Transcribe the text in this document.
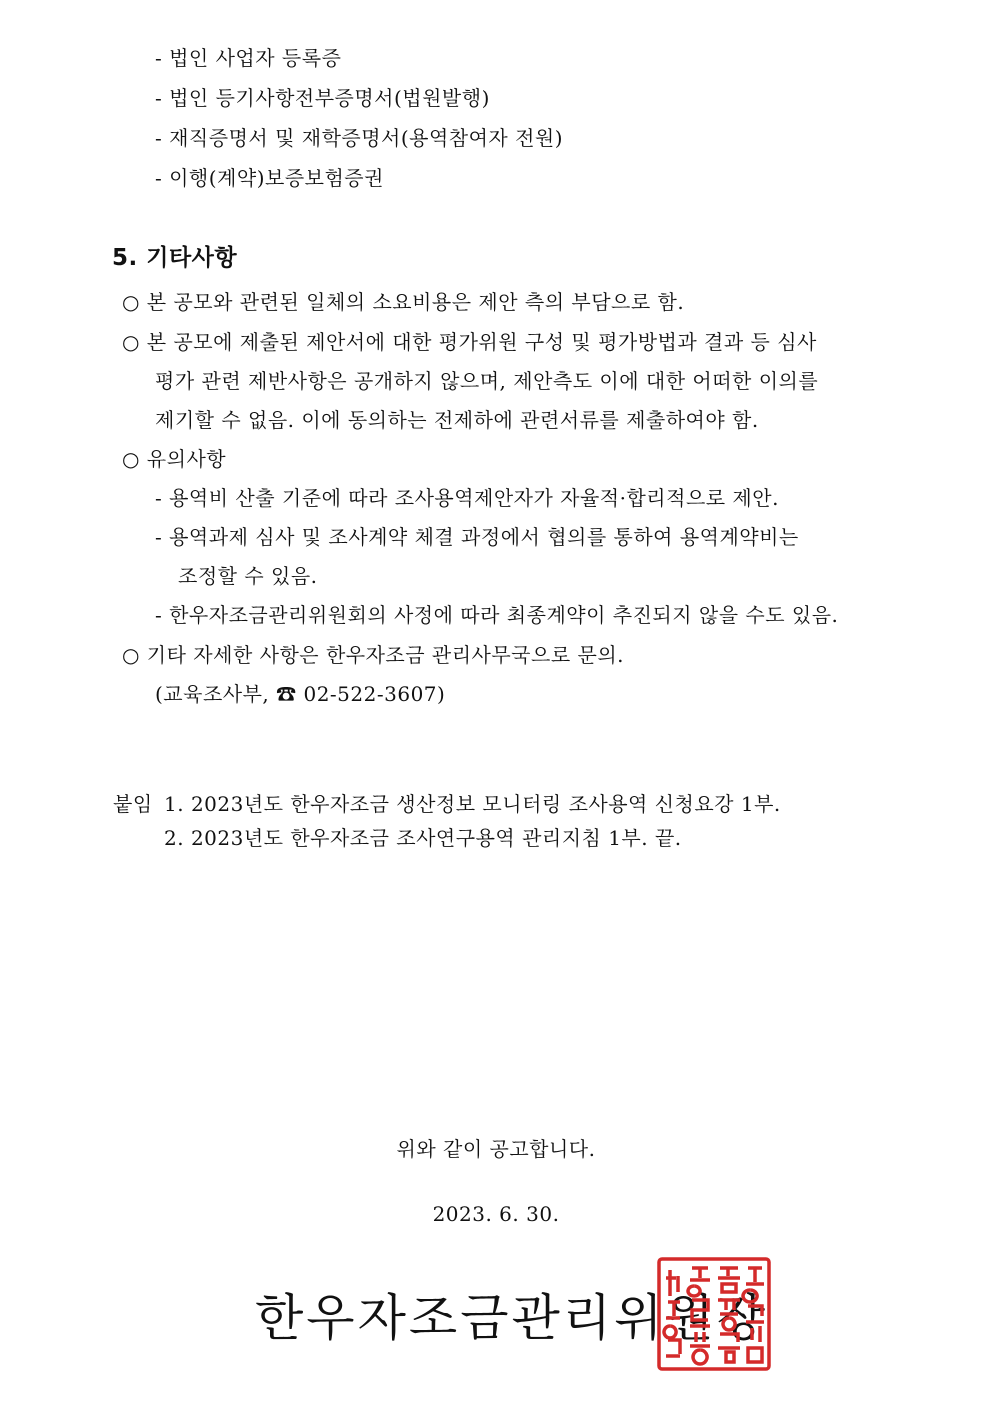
- 법인 사업자 등록증
- 법인 등기사항전부증명서(법원발행)
- 재직증명서 및 재학증명서(용역참여자 전원)
- 이행(계약)보증보험증권
5. 기타사항
○ 본 공모와 관련된 일체의 소요비용은 제안 측의 부담으로 함.
○ 본 공모에 제출된 제안서에 대한 평가위원 구성 및 평가방법과 결과 등 심사
평가 관련 제반사항은 공개하지 않으며, 제안측도 이에 대한 어떠한 이의를
제기할 수 없음. 이에 동의하는 전제하에 관련서류를 제출하여야 함.
○ 유의사항
- 용역비 산출 기준에 따라 조사용역제안자가 자율적·합리적으로 제안.
- 용역과제 심사 및 조사계약 체결 과정에서 협의를 통하여 용역계약비는
조정할 수 있음.
- 한우자조금관리위원회의 사정에 따라 최종계약이 추진되지 않을 수도 있음.
○ 기타 자세한 사항은 한우자조금 관리사무국으로 문의.
(교육조사부, ☎ 02-522-3607)
붙임 1. 2023년도 한우자조금 생산정보 모니터링 조사용역 신청요강 1부.
2. 2023년도 한우자조금 조사연구용역 관리지침 1부. 끝.
위와 같이 공고합니다.
2023. 6. 30.
한우자조금관리위원장
